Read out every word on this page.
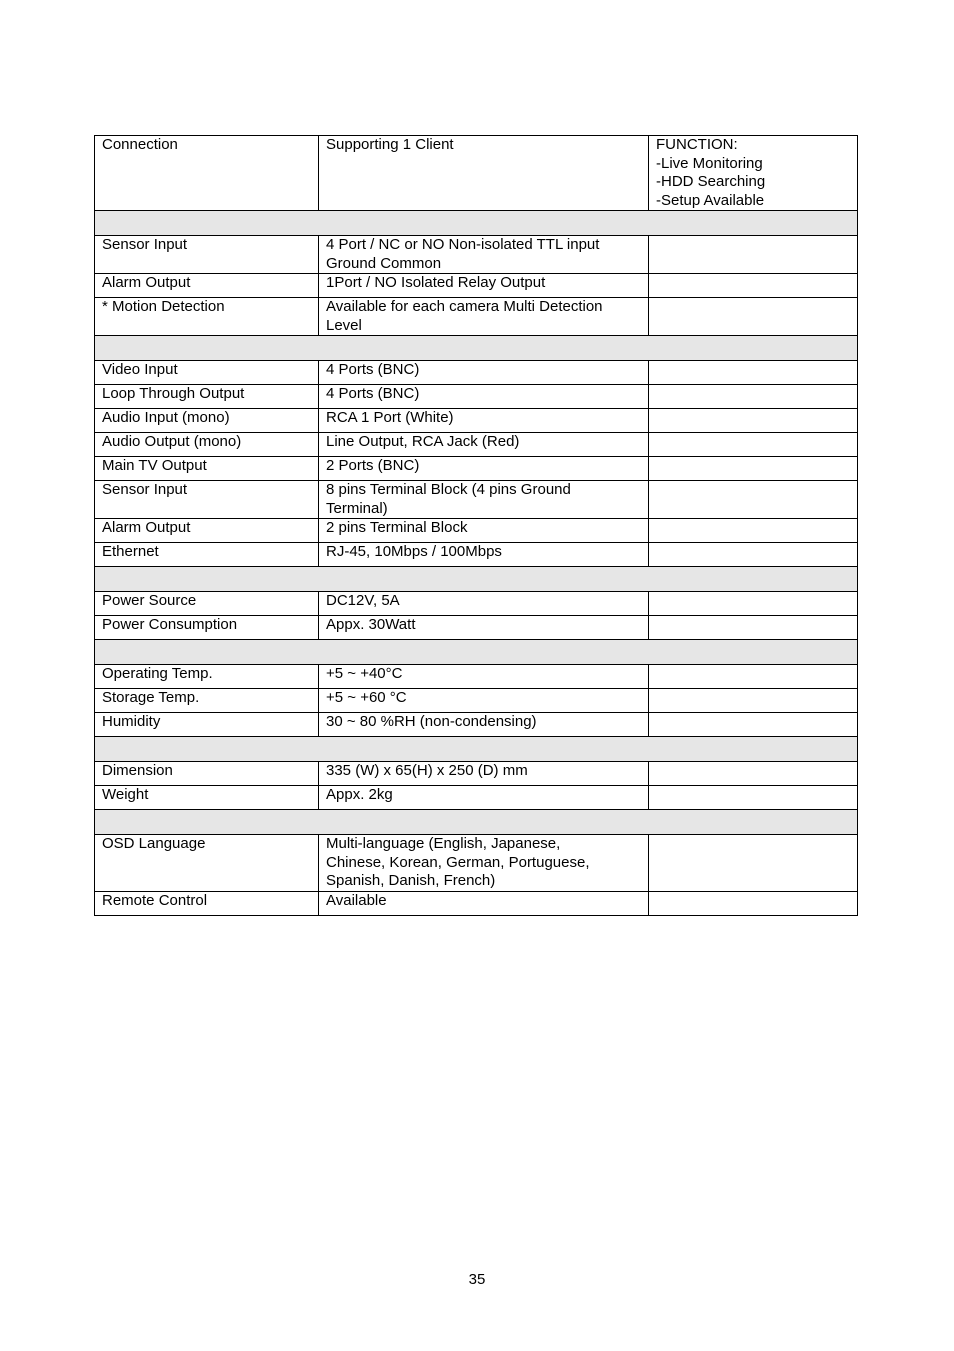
Connection	Supporting 1 Client	FUNCTION:
-Live Monitoring
-HDD Searching
-Setup Available

Sensor Input	4 Port / NC or NO Non-isolated TTL input
Ground Common	
Alarm Output	1Port / NO Isolated Relay Output	
* Motion Detection	Available for each camera Multi Detection
Level	

Video Input	4 Ports (BNC)	
Loop Through Output	4 Ports (BNC)	
Audio Input (mono)	RCA 1 Port (White)	
Audio Output (mono)	Line Output, RCA Jack (Red)	
Main TV Output	2 Ports (BNC)	
Sensor Input	8 pins Terminal Block (4 pins Ground
Terminal)	
Alarm Output	2 pins Terminal Block	
Ethernet	RJ-45, 10Mbps / 100Mbps	

Power Source	DC12V, 5A	
Power Consumption	Appx. 30Watt	

Operating Temp.	+5 ~ +40°C	
Storage Temp.	+5 ~ +60 °C	
Humidity	30 ~ 80 %RH (non-condensing)	

Dimension	335 (W) x 65(H) x 250 (D) mm	
Weight	Appx. 2kg	

OSD Language	Multi-language (English, Japanese,
Chinese, Korean, German, Portuguese,
Spanish, Danish, French)	
Remote Control	Available	
35
